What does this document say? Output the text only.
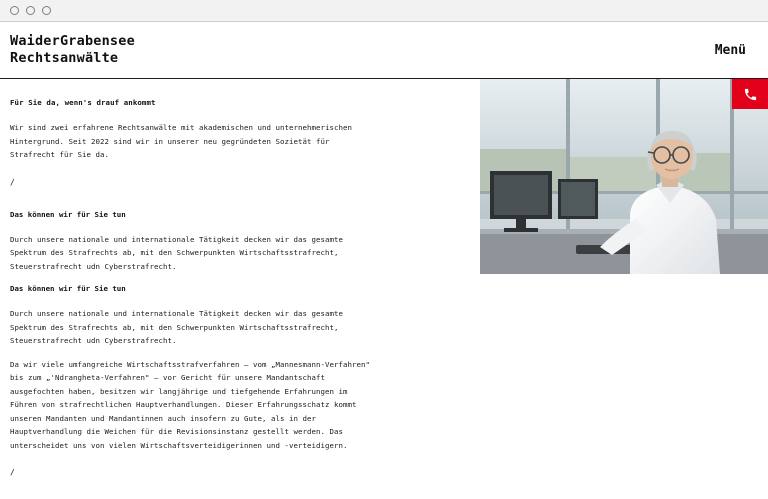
WaiderGrabensee
Rechtsanwälte	Menü

Für Sie da, wenn's drauf ankommt

Wir sind zwei erfahrene Rechtsanwälte mit akademischen und unternehmerischen Hintergrund. Seit 2022 sind wir in unserer neu gegründeten Sozietät für Strafrecht für Sie da.

/

Das können wir für Sie tun

Durch unsere nationale und internationale Tätigkeit decken wir das gesamte Spektrum des Strafrechts ab, mit den Schwerpunkten Wirtschaftsstrafrecht, Steuerstrafrecht udn Cyberstrafrecht.

Das können wir für Sie tun

Durch unsere nationale und internationale Tätigkeit decken wir das gesamte Spektrum des Strafrechts ab, mit den Schwerpunkten Wirtschaftsstrafrecht, Steuerstrafrecht udn Cyberstrafrecht.

Da wir viele umfangreiche Wirtschaftsstrafverfahren – vom „Mannesmann-Verfahren" bis zum „'Ndrangheta-Verfahren" – vor Gericht für unsere Mandantschaft ausgefochten haben, besitzen wir langjährige und tiefgehende Erfahrungen im Führen von strafrechtlichen Hauptverhandlungen. Dieser Erfahrungsschatz kommt unseren Mandanten und Mandantinnen auch insofern zu Gute, als in der Hauptverhandlung die Weichen für die Revisionsinstanz gestellt werden. Das unterscheidet uns von vielen Wirtschaftsverteidigerinnen und -verteidigern.

/
